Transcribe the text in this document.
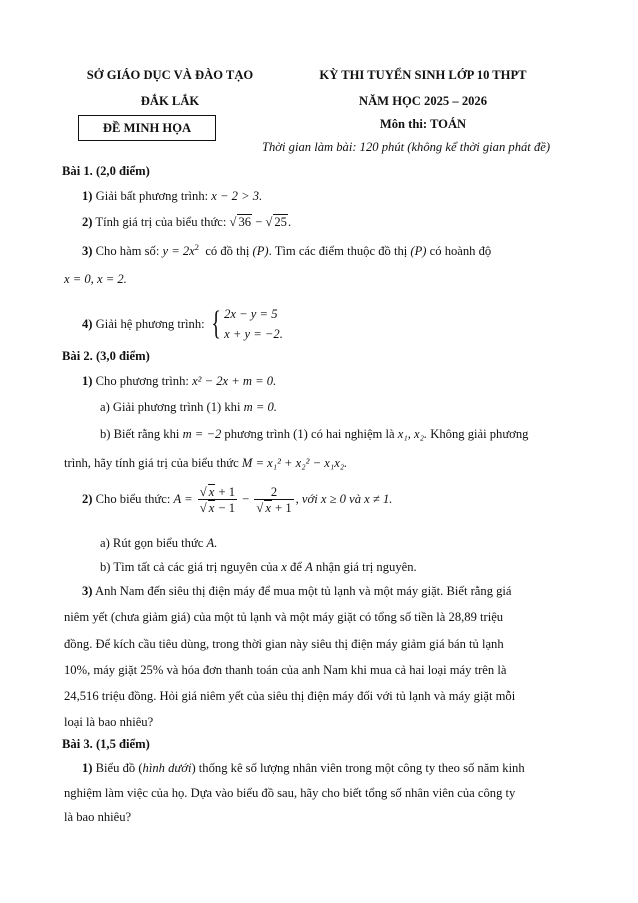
SỞ GIÁO DỤC VÀ ĐÀO TẠO
ĐẮK LẮK
ĐỀ MINH HỌA
KỲ THI TUYỂN SINH LỚP 10 THPT
NĂM HỌC 2025 – 2026
Môn thi: TOÁN
Thời gian làm bài: 120 phút (không kể thời gian phát đề)
Bài 1. (2,0 điểm)
1) Giải bất phương trình: x − 2 > 3.
2) Tính giá trị của biểu thức: √ 36 − √ 25.
3) Cho hàm số: $y = 2x^2$ có đồ thị (P). Tìm các điểm thuộc đồ thị (P) có hoành độ
x = 0, x = 2.
4) Giải hệ phương trình: { 2x − y = 5
x + y = −2.
Bài 2. (3,0 điểm)
1) Cho phương trình: x² − 2x + m = 0.
a) Giải phương trình (1) khi m = 0.
b) Biết rằng khi m = −2 phương trình (1) có hai nghiệm là x₁, x₂. Không giải phương
trình, hãy tính giá trị của biểu thức M = x₁² + x₂² − x₁x₂.
2) Cho biểu thức: $A = \frac{√ x + 1}{√ x - 1} - \frac{2}{√ x + 1}$ , với x ≥ 0 và x ≠ 1.
a) Rút gọn biểu thức A.
b) Tìm tất cả các giá trị nguyên của x để A nhận giá trị nguyên.
3) Anh Nam đến siêu thị điện máy để mua một tủ lạnh và một máy giặt. Biết rằng giá
niêm yết (chưa giảm giá) của một tủ lạnh và một máy giặt có tổng số tiền là 28,89 triệu
đồng. Để kích cầu tiêu dùng, trong thời gian này siêu thị điện máy giảm giá bán tủ lạnh
10%, máy giặt 25% và hóa đơn thanh toán của anh Nam khi mua cả hai loại máy trên là
24,516 triệu đồng. Hỏi giá niêm yết của siêu thị điện máy đối với tủ lạnh và máy giặt mỗi
loại là bao nhiêu?
Bài 3. (1,5 điểm)
1) Biểu đồ (hình dưới) thống kê số lượng nhân viên trong một công ty theo số năm kinh
nghiệm làm việc của họ. Dựa vào biểu đồ sau, hãy cho biết tổng số nhân viên của công ty
là bao nhiêu?
